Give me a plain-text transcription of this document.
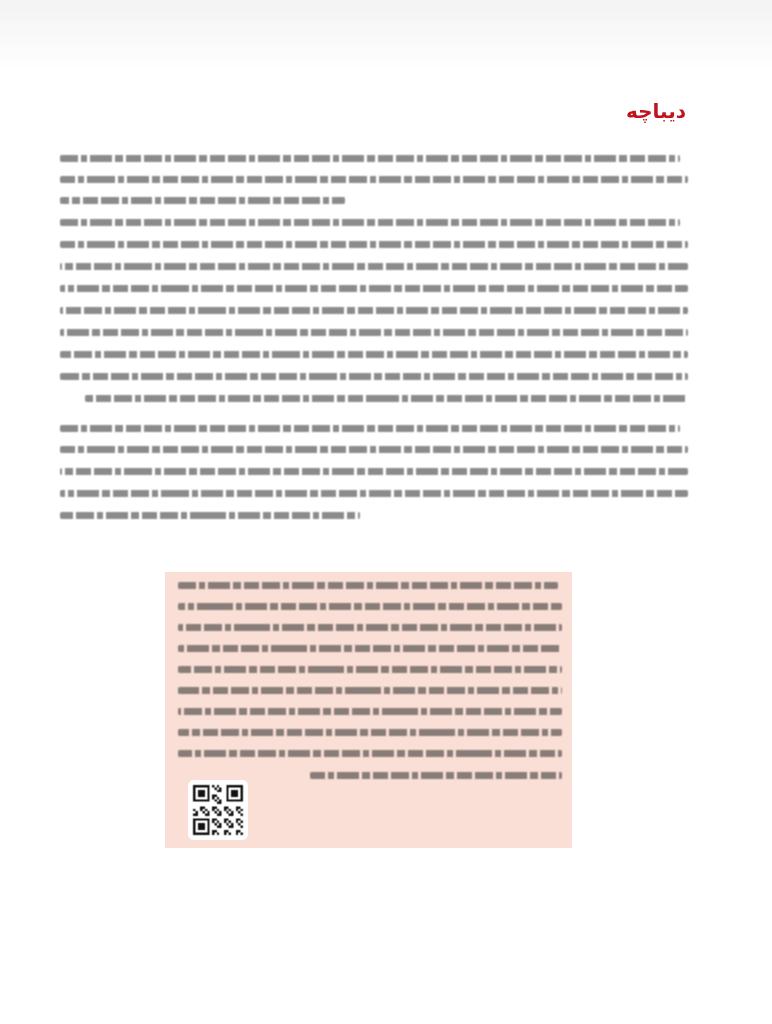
دیباچه
